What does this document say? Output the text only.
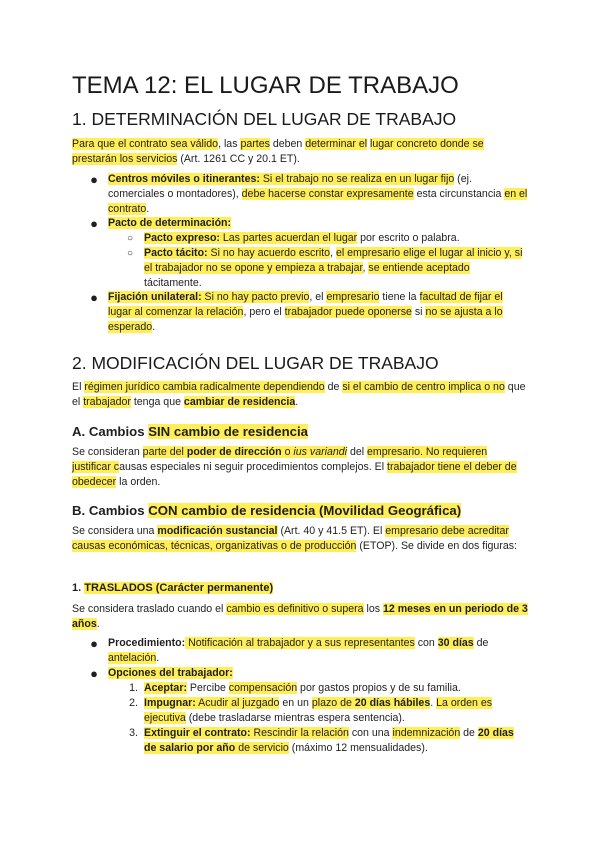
TEMA 12: EL LUGAR DE TRABAJO
1. DETERMINACIÓN DEL LUGAR DE TRABAJO

Para que el contrato sea válido, las partes deben determinar el lugar concreto donde se prestarán los servicios (Art. 1261 CC y 20.1 ET).

● Centros móviles o itinerantes: Si el trabajo no se realiza en un lugar fijo (ej. comerciales o montadores), debe hacerse constar expresamente esta circunstancia en el contrato.
● Pacto de determinación:
○ Pacto expreso: Las partes acuerdan el lugar por escrito o palabra.
○ Pacto tácito: Si no hay acuerdo escrito, el empresario elige el lugar al inicio y, si el trabajador no se opone y empieza a trabajar, se entiende aceptado tácitamente.
● Fijación unilateral: Si no hay pacto previo, el empresario tiene la facultad de fijar el lugar al comenzar la relación, pero el trabajador puede oponerse si no se ajusta a lo esperado.
2. MODIFICACIÓN DEL LUGAR DE TRABAJO

El régimen jurídico cambia radicalmente dependiendo de si el cambio de centro implica o no que el trabajador tenga que cambiar de residencia.

A. Cambios SIN cambio de residencia

Se consideran parte del poder de dirección o ius variandi del empresario. No requieren justificar causas especiales ni seguir procedimientos complejos. El trabajador tiene el deber de obedecer la orden.

B. Cambios CON cambio de residencia (Movilidad Geográfica)

Se considera una modificación sustancial (Art. 40 y 41.5 ET). El empresario debe acreditar causas económicas, técnicas, organizativas o de producción (ETOP). Se divide en dos figuras:

1. TRASLADOS (Carácter permanente)

Se considera traslado cuando el cambio es definitivo o supera los 12 meses en un periodo de 3 años.

● Procedimiento: Notificación al trabajador y a sus representantes con 30 días de antelación.
● Opciones del trabajador:
1. Aceptar: Percibe compensación por gastos propios y de su familia.
2. Impugnar: Acudir al juzgado en un plazo de 20 días hábiles. La orden es ejecutiva (debe trasladarse mientras espera sentencia).
3. Extinguir el contrato: Rescindir la relación con una indemnización de 20 días de salario por año de servicio (máximo 12 mensualidades).
